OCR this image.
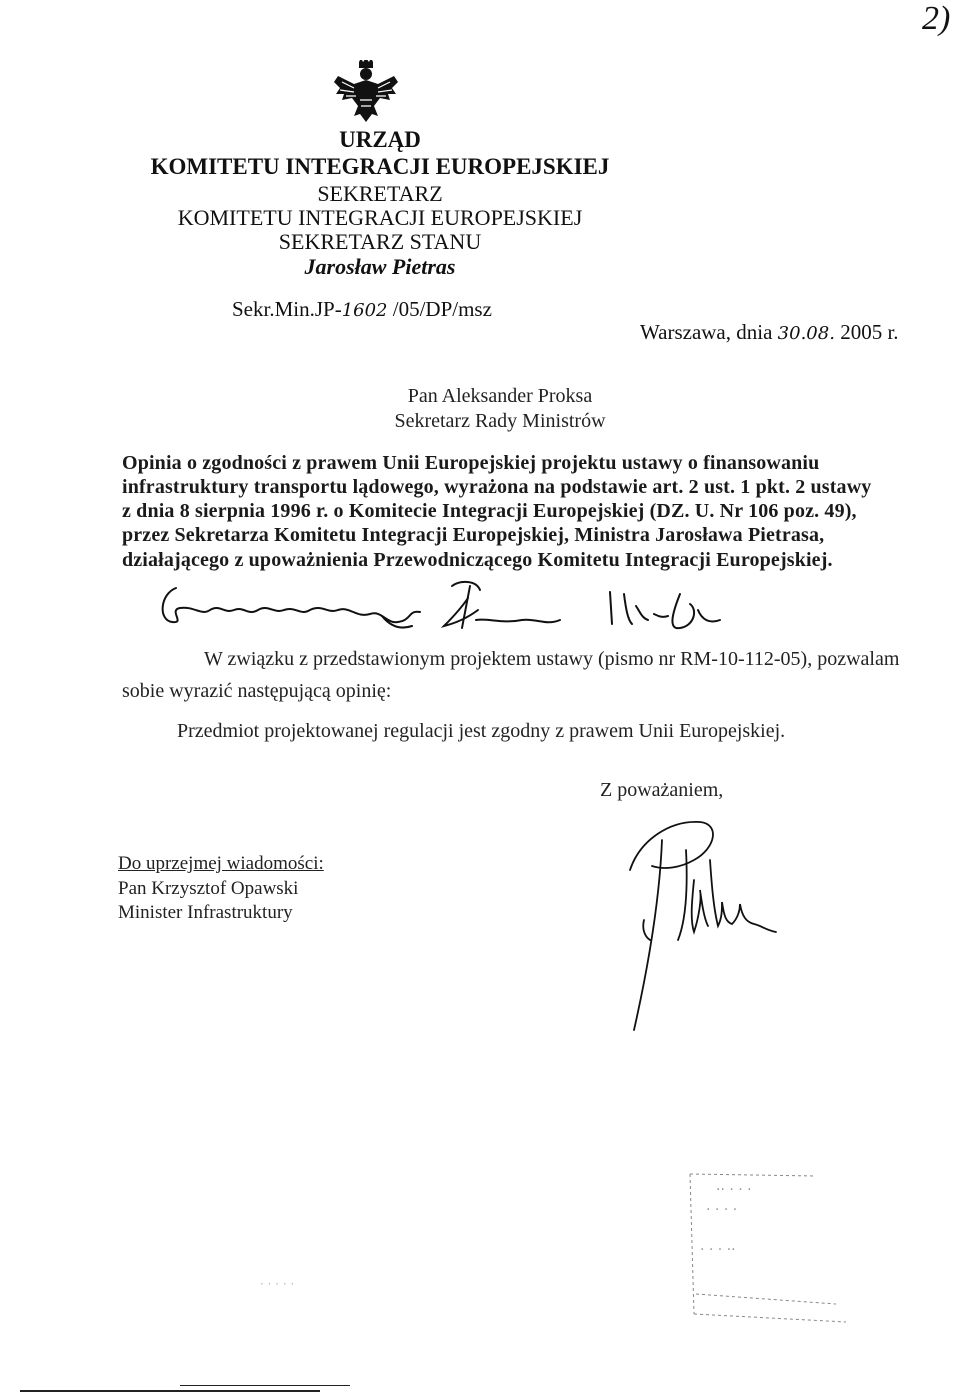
2)
URZĄD
KOMITETU INTEGRACJI EUROPEJSKIEJ
SEKRETARZ
KOMITETU INTEGRACJI EUROPEJSKIEJ
SEKRETARZ STANU
Jarosław Pietras
Sekr.Min.JP-1602 /05/DP/msz
Warszawa, dnia 30.08. 2005 r.
Pan Aleksander Proksa
Sekretarz Rady Ministrów
Opinia o zgodności z prawem Unii Europejskiej projektu ustawy o finansowaniu
infrastruktury transportu lądowego, wyrażona na podstawie art. 2 ust. 1 pkt. 2 ustawy
z dnia 8 sierpnia 1996 r. o Komitecie Integracji Europejskiej (DZ. U. Nr 106 poz. 49),
przez Sekretarza Komitetu Integracji Europejskiej, Ministra Jarosława Pietrasa,
działającego z upoważnienia Przewodniczącego Komitetu Integracji Europejskiej.
W związku z przedstawionym projektem ustawy (pismo nr RM-10-112-05), pozwalam
sobie wyrazić następującą opinię:
Przedmiot projektowanej regulacji jest zgodny z prawem Unii Europejskiej.
Z poważaniem,
Do uprzejmej wiadomości:
Pan Krzysztof Opawski
Minister Infrastruktury
·· · · ·
· · · ·
· · · ··
· · · · ·
